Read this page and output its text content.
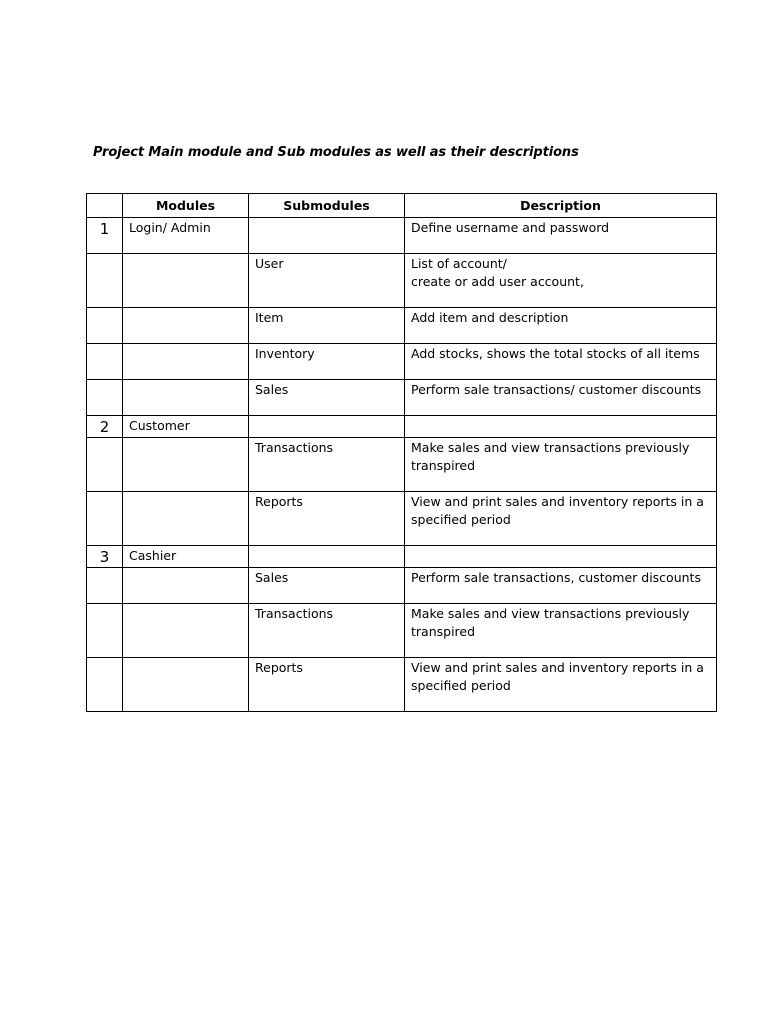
Project Main module and Sub modules as well as their descriptions

	Modules	Submodules	Description
1	Login/ Admin		Define username and password

		User	List of account/
create or add user account,

		Item	Add item and description

		Inventory	Add stocks, shows the total stocks of all items

		Sales	Perform sale transactions/ customer discounts

2	Customer		

		Transactions	Make sales and view transactions previously
transpired

		Reports	View and print sales and inventory reports in a
specified period

3	Cashier		

		Sales	Perform sale transactions, customer discounts

		Transactions	Make sales and view transactions previously
transpired

		Reports	View and print sales and inventory reports in a
specified period
